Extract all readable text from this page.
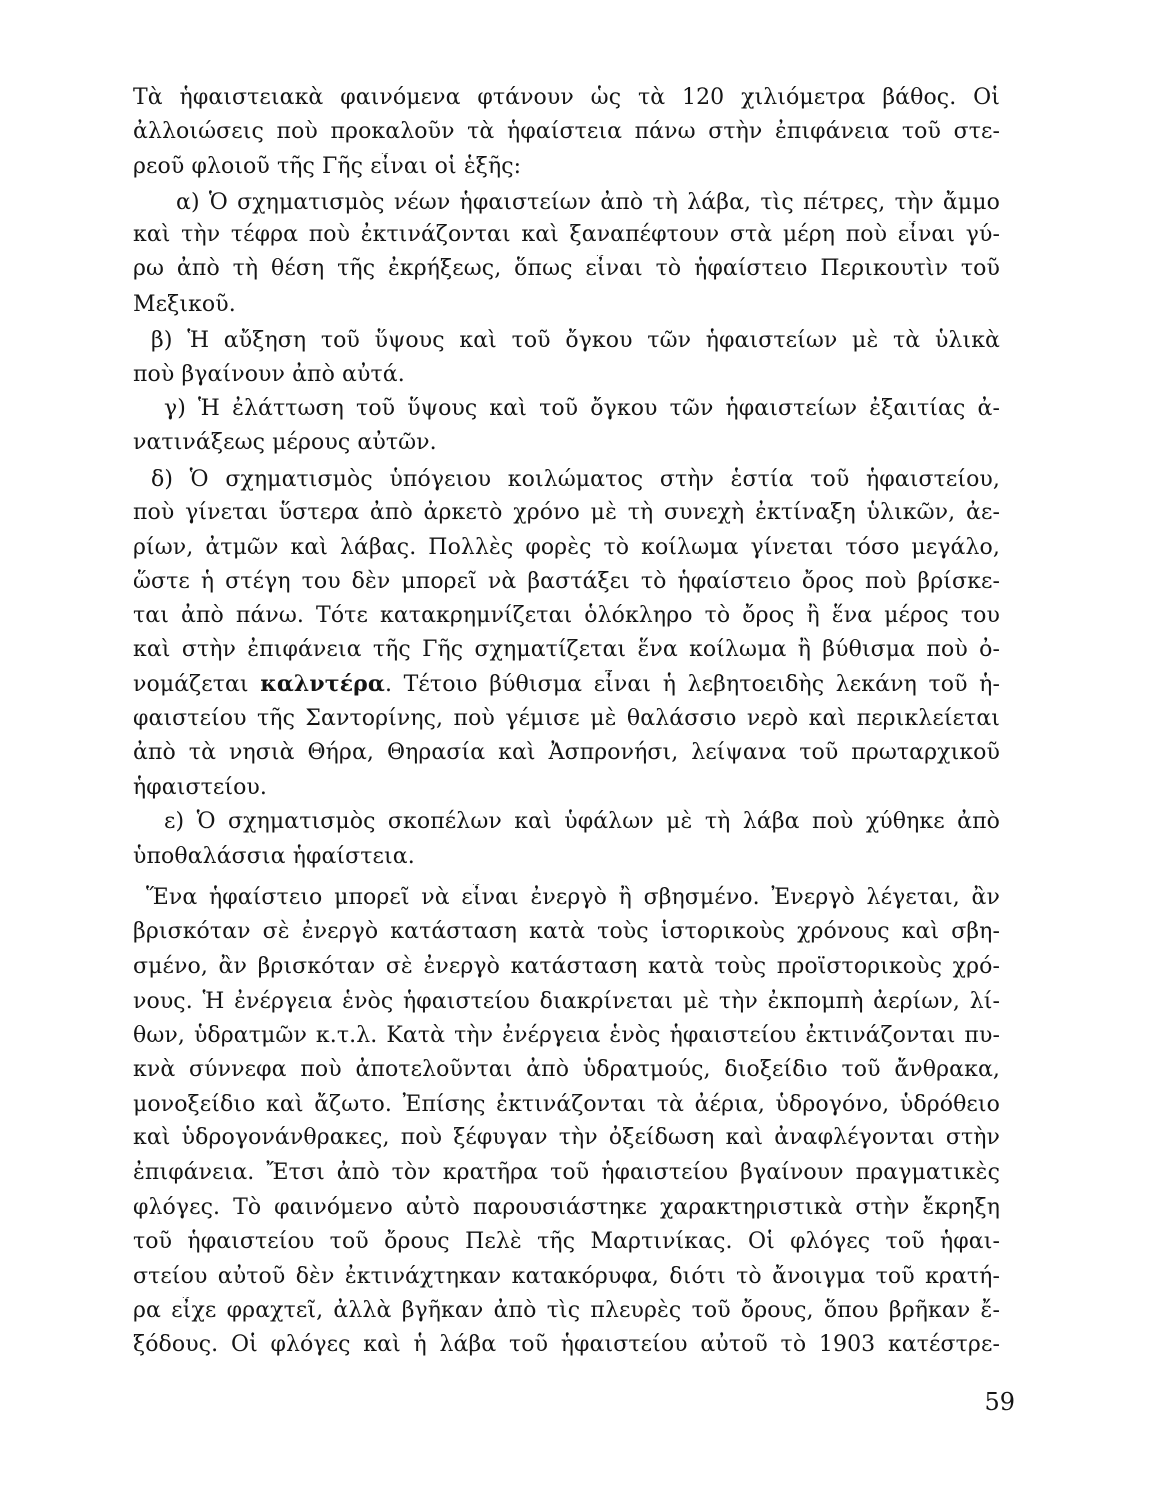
Τὰ ἡφαιστειακὰ φαινόμενα φτάνουν ὡς τὰ 120 χιλιόμετρα βάθος. Οἱ
ἀλλοιώσεις ποὺ προκαλοῦν τὰ ἡφαίστεια πάνω στὴν ἐπιφάνεια τοῦ στε-
ρεοῦ φλοιοῦ τῆς Γῆς εἶναι οἱ ἑξῆς:
α) Ὁ σχηματισμὸς νέων ἡφαιστείων ἀπὸ τὴ λάβα, τὶς πέτρες, τὴν ἄμμο
καὶ τὴν τέφρα ποὺ ἐκτινάζονται καὶ ξαναπέφτουν στὰ μέρη ποὺ εἶναι γύ-
ρω ἀπὸ τὴ θέση τῆς ἐκρήξεως, ὅπως εἶναι τὸ ἡφαίστειο Περικουτὶν τοῦ
Μεξικοῦ.
β) Ἡ αὔξηση τοῦ ὕψους καὶ τοῦ ὄγκου τῶν ἡφαιστείων μὲ τὰ ὑλικὰ
ποὺ βγαίνουν ἀπὸ αὐτά.
γ) Ἡ ἐλάττωση τοῦ ὕψους καὶ τοῦ ὄγκου τῶν ἡφαιστείων ἐξαιτίας ἀ-
νατινάξεως μέρους αὐτῶν.
δ) Ὁ σχηματισμὸς ὑπόγειου κοιλώματος στὴν ἑστία τοῦ ἡφαιστείου,
ποὺ γίνεται ὕστερα ἀπὸ ἀρκετὸ χρόνο μὲ τὴ συνεχὴ ἐκτίναξη ὑλικῶν, ἀε-
ρίων, ἀτμῶν καὶ λάβας. Πολλὲς φορὲς τὸ κοίλωμα γίνεται τόσο μεγάλο,
ὥστε ἡ στέγη του δὲν μπορεῖ νὰ βαστάξει τὸ ἡφαίστειο ὄρος ποὺ βρίσκε-
ται ἀπὸ πάνω. Τότε κατακρημνίζεται ὁλόκληρο τὸ ὄρος ἢ ἕνα μέρος του
καὶ στὴν ἐπιφάνεια τῆς Γῆς σχηματίζεται ἕνα κοίλωμα ἢ βύθισμα ποὺ ὀ-
νομάζεται καλντέρα. Τέτοιο βύθισμα εἶναι ἡ λεβητοειδὴς λεκάνη τοῦ ἡ-
φαιστείου τῆς Σαντορίνης, ποὺ γέμισε μὲ θαλάσσιο νερὸ καὶ περικλείεται
ἀπὸ τὰ νησιὰ Θήρα, Θηρασία καὶ Ἀσπρονήσι, λείψανα τοῦ πρωταρχικοῦ
ἡφαιστείου.
ε) Ὁ σχηματισμὸς σκοπέλων καὶ ὑφάλων μὲ τὴ λάβα ποὺ χύθηκε ἀπὸ
ὑποθαλάσσια ἡφαίστεια.
Ἕνα ἡφαίστειο μπορεῖ νὰ εἶναι ἐνεργὸ ἢ σβησμένο. Ἐνεργὸ λέγεται, ἂν
βρισκόταν σὲ ἐνεργὸ κατάσταση κατὰ τοὺς ἱστορικοὺς χρόνους καὶ σβη-
σμένο, ἂν βρισκόταν σὲ ἐνεργὸ κατάσταση κατὰ τοὺς προϊστορικοὺς χρό-
νους. Ἡ ἐνέργεια ἑνὸς ἡφαιστείου διακρίνεται μὲ τὴν ἐκπομπὴ ἀερίων, λί-
θων, ὑδρατμῶν κ.τ.λ. Κατὰ τὴν ἐνέργεια ἑνὸς ἡφαιστείου ἐκτινάζονται πυ-
κνὰ σύννεφα ποὺ ἀποτελοῦνται ἀπὸ ὑδρατμούς, διοξείδιο τοῦ ἄνθρακα,
μονοξείδιο καὶ ἄζωτο. Ἐπίσης ἐκτινάζονται τὰ ἀέρια, ὑδρογόνο, ὑδρόθειο
καὶ ὑδρογονάνθρακες, ποὺ ξέφυγαν τὴν ὀξείδωση καὶ ἀναφλέγονται στὴν
ἐπιφάνεια. Ἔτσι ἀπὸ τὸν κρατῆρα τοῦ ἡφαιστείου βγαίνουν πραγματικὲς
φλόγες. Τὸ φαινόμενο αὐτὸ παρουσιάστηκε χαρακτηριστικὰ στὴν ἔκρηξη
τοῦ ἡφαιστείου τοῦ ὄρους Πελὲ τῆς Μαρτινίκας. Οἱ φλόγες τοῦ ἡφαι-
στείου αὐτοῦ δὲν ἐκτινάχτηκαν κατακόρυφα, διότι τὸ ἄνοιγμα τοῦ κρατή-
ρα εἶχε φραχτεῖ, ἀλλὰ βγῆκαν ἀπὸ τὶς πλευρὲς τοῦ ὄρους, ὅπου βρῆκαν ἔ-
ξόδους. Οἱ φλόγες καὶ ἡ λάβα τοῦ ἡφαιστείου αὐτοῦ τὸ 1903 κατέστρε-
59
